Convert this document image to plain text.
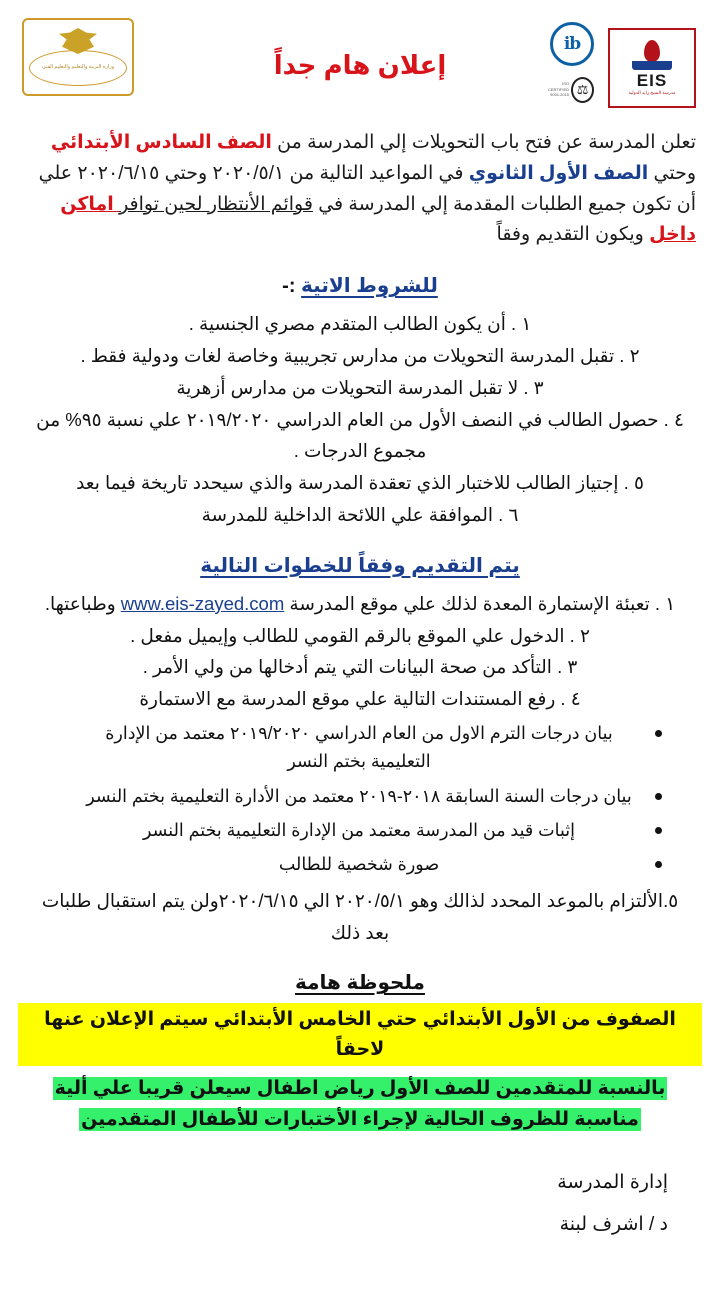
EIS
مدرسة الشيخ زايد الدولية
ib
⚖
ISO
CERTIFIED
9001:2015
وزارة التربية والتعليم والتعليم الفني	إعلان هام جداً
تعلن المدرسة عن فتح باب التحويلات إلي المدرسة من الصف السادس الأبتدائي وحتي الصف الأول الثانوي في المواعيد التالية من ٢٠٢٠/٥/١ وحتي ٢٠٢٠/٦/١٥ علي أن تكون جميع الطلبات المقدمة إلي المدرسة في قوائم الأنتظار لحين توافر اماكن داخل ويكون التقديم وفقاً
للشروط الاتية :-
١ . أن يكون الطالب المتقدم مصري الجنسية .
٢ . تقبل المدرسة التحويلات من مدارس تجريبية وخاصة لغات ودولية فقط .
٣ . لا تقبل المدرسة التحويلات من مدارس أزهرية
٤ . حصول الطالب في النصف الأول من العام الدراسي ٢٠١٩/٢٠٢٠ علي نسبة ٩٥% من مجموع الدرجات .
٥ . إجتياز الطالب للاختبار الذي تعقدة المدرسة والذي سيحدد تاريخة فيما بعد
٦ . الموافقة علي اللائحة الداخلية للمدرسة
يتم التقديم وفقاً للخطوات التالية
١ . تعبئة الإستمارة المعدة لذلك علي موقع المدرسة www.eis-zayed.com وطباعتها.
٢ . الدخول علي الموقع بالرقم القومي للطالب وإيميل مفعل .
٣ . التأكد من صحة البيانات التي يتم أدخالها من ولي الأمر .
٤ . رفع المستندات التالية علي موقع المدرسة مع الاستمارة
بيان درجات الترم الاول من العام الدراسي ٢٠١٩/٢٠٢٠ معتمد من الإدارة التعليمية بختم النسر
بيان درجات السنة السابقة ٢٠١٨-٢٠١٩ معتمد من الأدارة التعليمية بختم النسر
إثبات قيد من المدرسة معتمد من الإدارة التعليمية بختم النسر
صورة شخصية للطالب
٥.الألتزام بالموعد المحدد لذالك وهو ٢٠٢٠/٥/١ الي ٢٠٢٠/٦/١٥ولن يتم استقبال طلبات بعد ذلك
ملحوظة هامة
الصفوف من الأول الأبتدائي حتي الخامس الأبتدائي سيتم الإعلان عنها لاحقاً
بالنسبة للمتقدمين للصف الأول رياض اطفال سيعلن قريبا علي ألية مناسبة للظروف الحالية لإجراء الأختبارات للأطفال المتقدمين
إدارة المدرسة
د / اشرف لبنة
